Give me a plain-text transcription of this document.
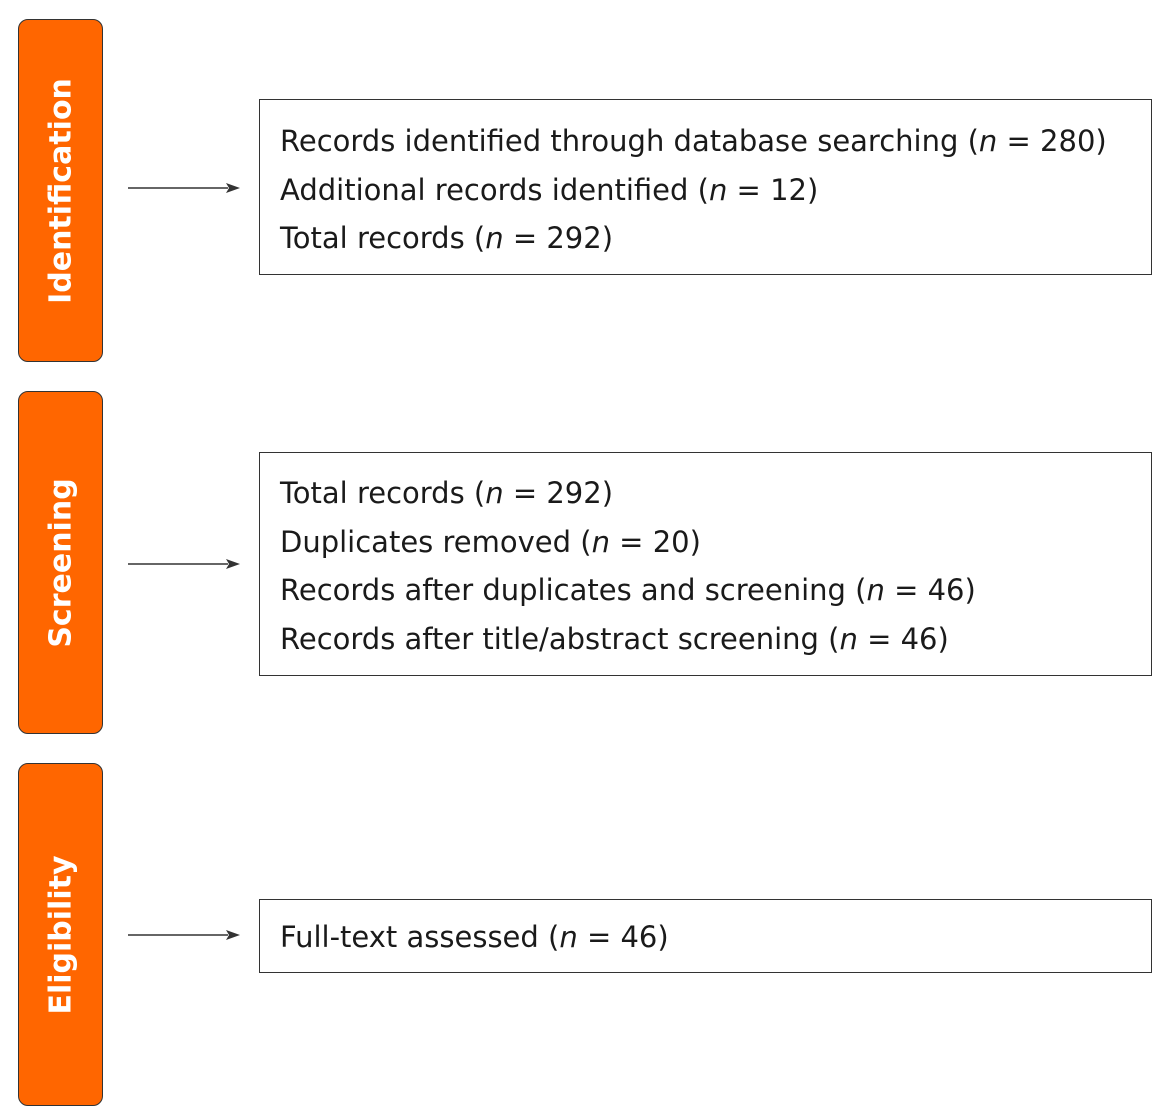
Identification	Records identified through database searching (n = 280)
Additional records identified (n = 12)
Total records (n = 292)
Screening	Total records (n = 292)
Duplicates removed (n = 20)
Records after duplicates and screening (n = 46)
Records after title/abstract screening (n = 46)
Eligibility	Full-text assessed (n = 46)
